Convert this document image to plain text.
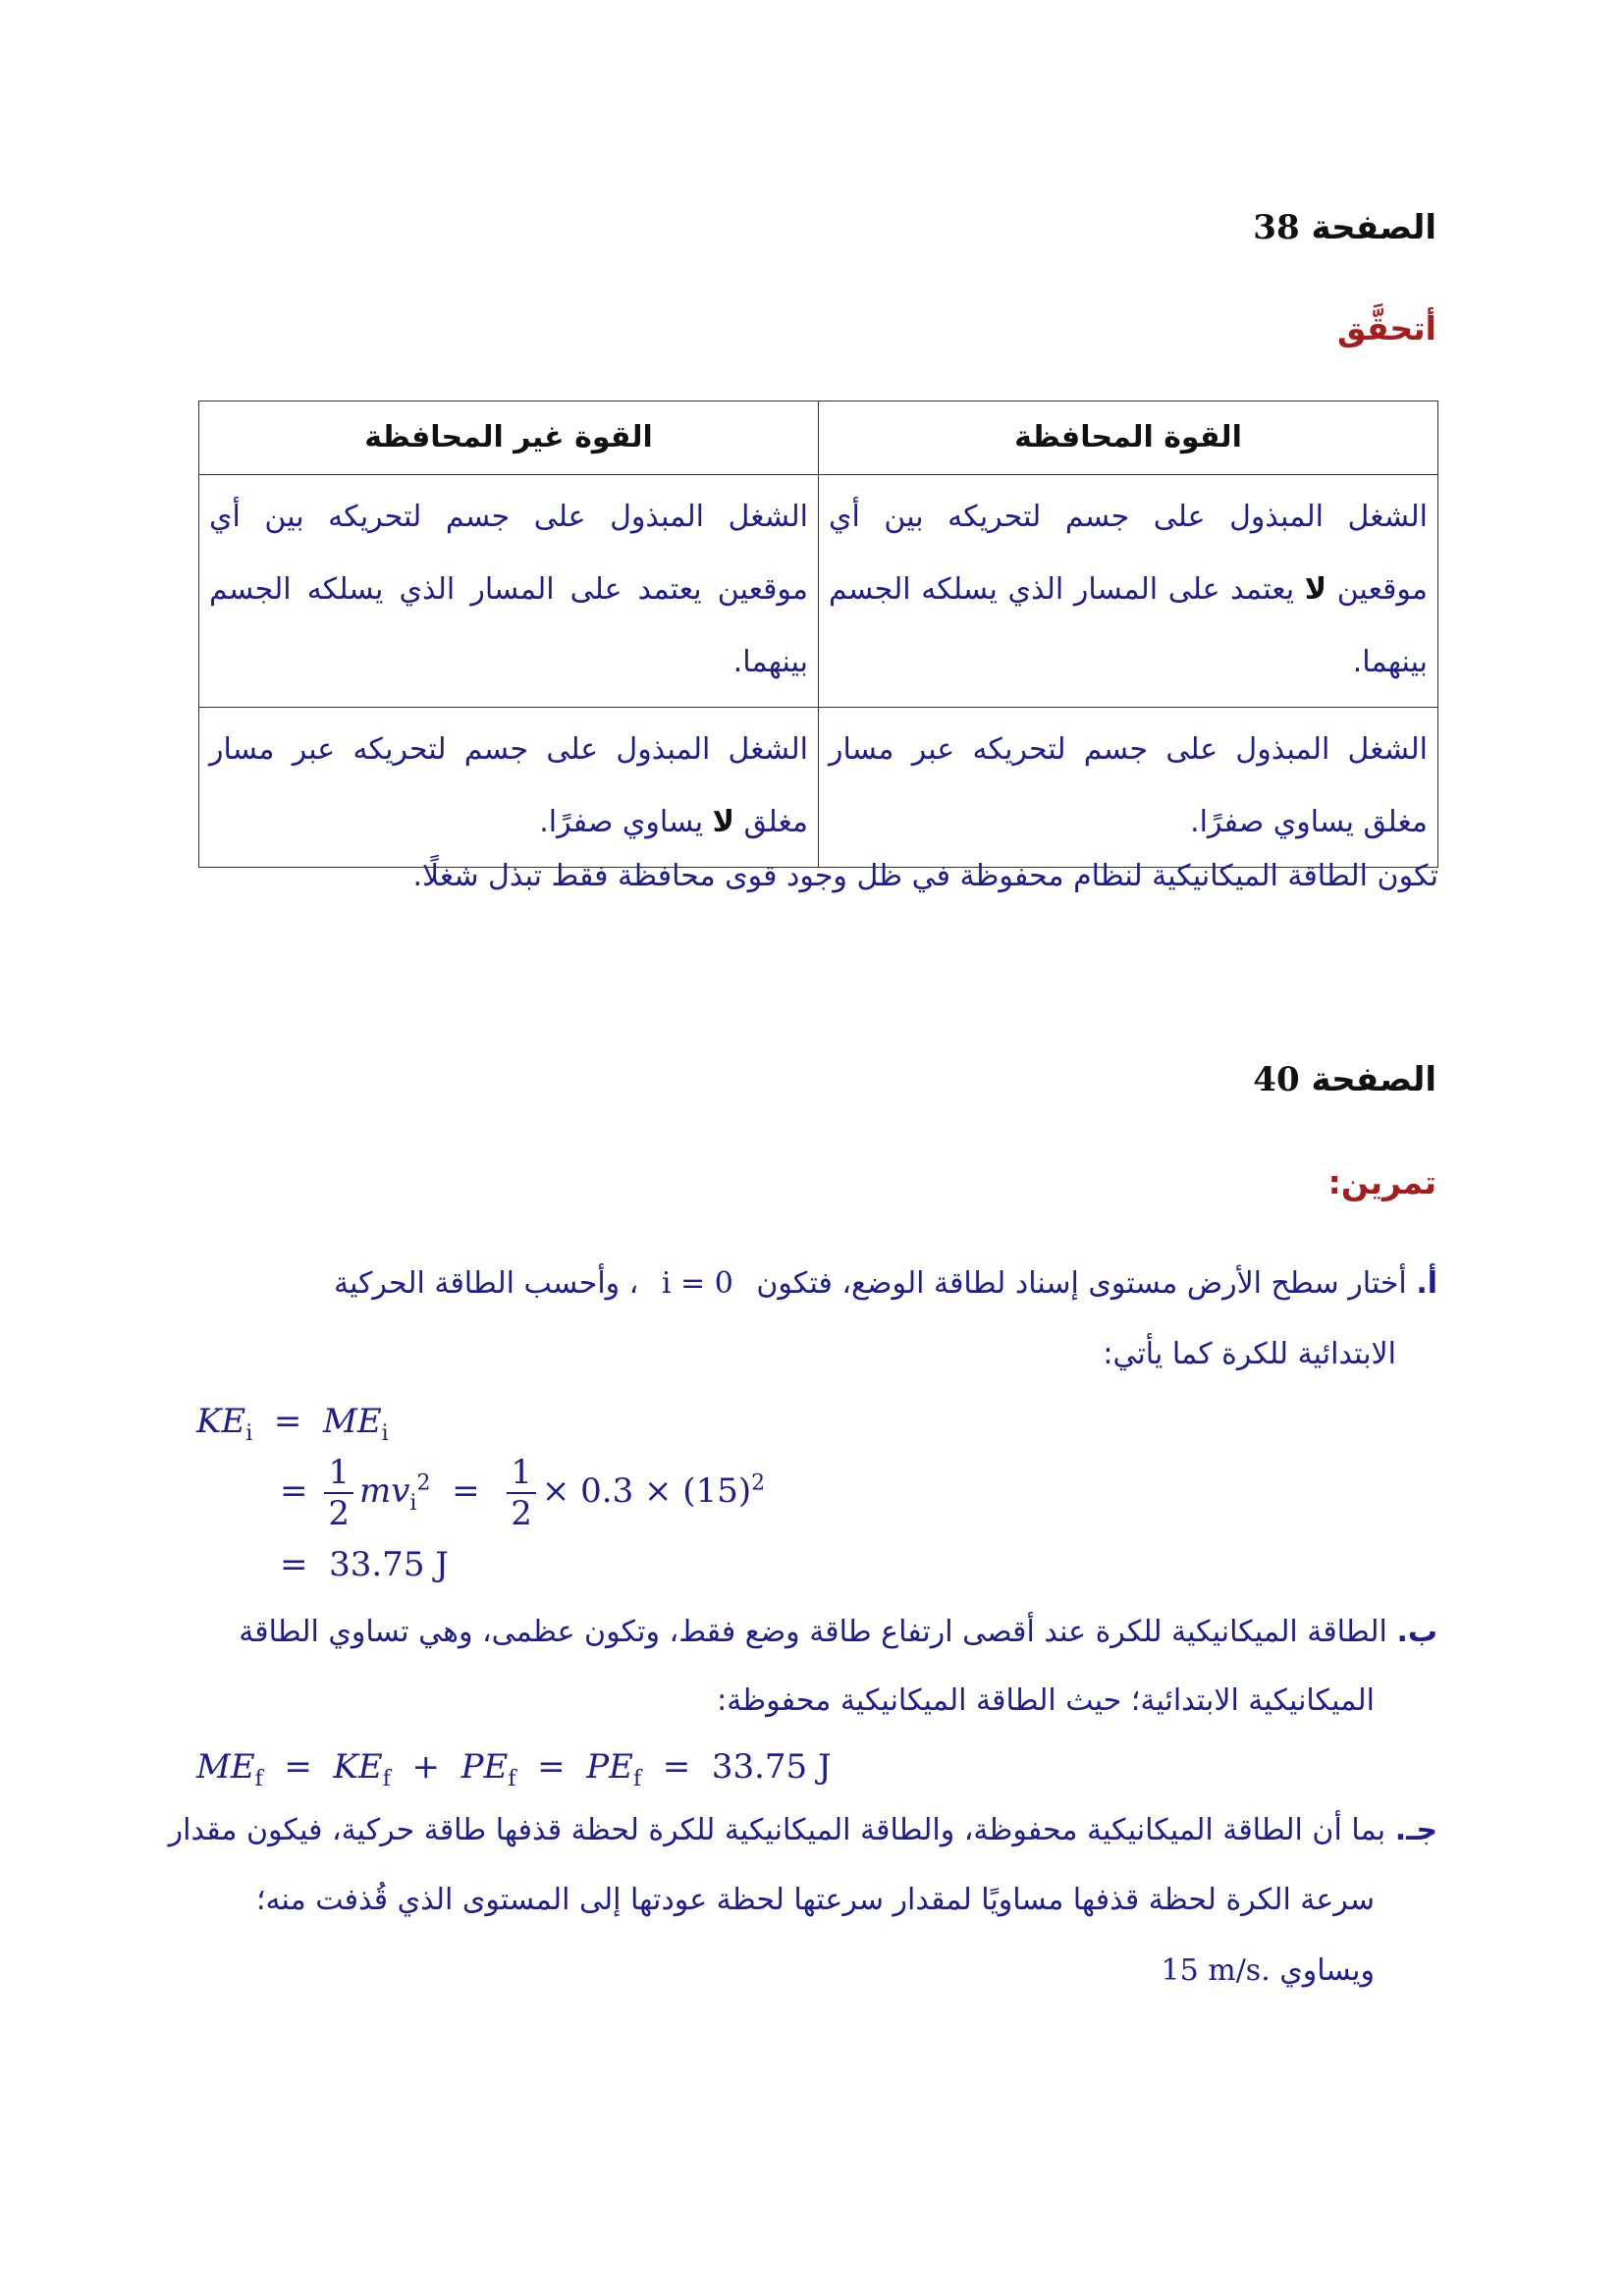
الصفحة 38
أتحقَّق
القوة المحافظة	القوة غير المحافظة
الشغل المبذول على جسم لتحريكه بين أي موقعين لا يعتمد على المسار الذي يسلكه الجسم بينهما.	الشغل المبذول على جسم لتحريكه بين أي موقعين يعتمد على المسار الذي يسلكه الجسم بينهما.
الشغل المبذول على جسم لتحريكه عبر مسار مغلق يساوي صفرًا.	الشغل المبذول على جسم لتحريكه عبر مسار مغلق لا يساوي صفرًا.
تكون الطاقة الميكانيكية لنظام محفوظة في ظل وجود قوى محافظة فقط تبذل شغلًا.
الصفحة 40
تمرين:
أ. أختار سطح الأرض مستوى إسناد لطاقة الوضع، فتكون i = 0 ، وأحسب الطاقة الحركية
الابتدائية للكرة كما يأتي:
$KE_i = ME_i$
= $\frac{1}{2} mv_i^2 = \frac{1}{2} \times 0.3 \times (15)^2$
=  33.75 J
ب. الطاقة الميكانيكية للكرة عند أقصى ارتفاع طاقة وضع فقط، وتكون عظمى، وهي تساوي الطاقة
الميكانيكية الابتدائية؛ حيث الطاقة الميكانيكية محفوظة:
$ME_f = KE_f + PE_f = PE_f = 33.75$ J
جـ. بما أن الطاقة الميكانيكية محفوظة، والطاقة الميكانيكية للكرة لحظة قذفها طاقة حركية، فيكون مقدار
سرعة الكرة لحظة قذفها مساويًا لمقدار سرعتها لحظة عودتها إلى المستوى الذي قُذفت منه؛
ويساوي 15 m/s.
